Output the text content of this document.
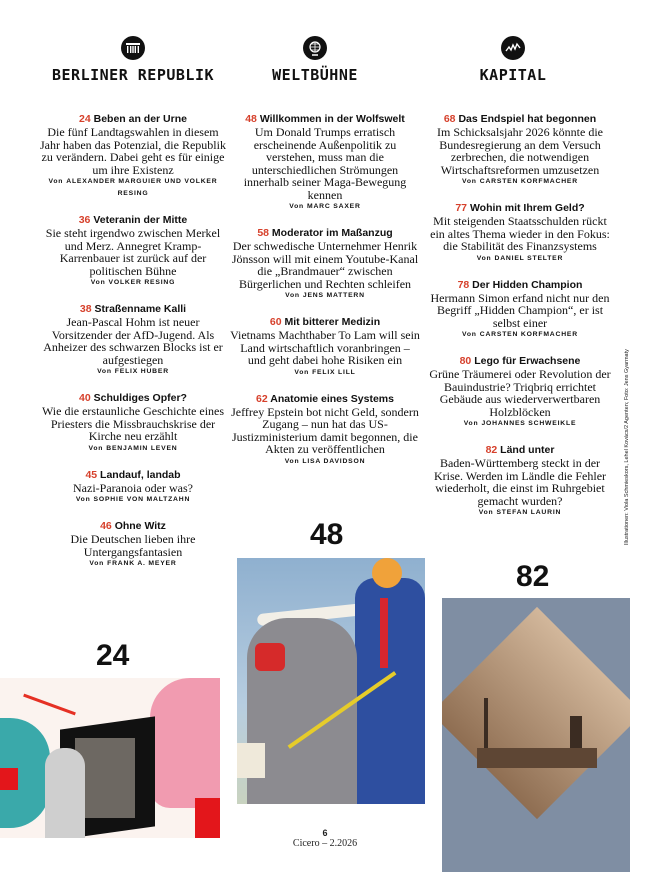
BERLINER REPUBLIK	WELTBÜHNE	KAPITAL
24 Beben an der Urne
Die fünf Landtagswahlen in diesem Jahr haben das Potenzial, die Republik zu verändern. Dabei geht es für einige um ihre Existenz
Von ALEXANDER MARGUIER UND VOLKER RESING
36 Veteranin der Mitte
Sie steht irgendwo zwischen Merkel und Merz. Annegret Kramp-Karrenbauer ist zurück auf der politischen Bühne
Von VOLKER RESING
38 Straßenname Kalli
Jean-Pascal Hohm ist neuer Vorsitzender der AfD-Jugend. Als Anheizer des schwarzen Blocks ist er aufgestiegen
Von FELIX HUBER
40 Schuldiges Opfer?
Wie die erstaunliche Geschichte eines Priesters die Missbrauchskrise der Kirche neu erzählt
Von BENJAMIN LEVEN
45 Landauf, landab
Nazi-Paranoia oder was?
Von SOPHIE VON MALTZAHN
46 Ohne Witz
Die Deutschen lieben ihre Untergangsfantasien
Von FRANK A. MEYER
48 Willkommen in der Wolfswelt
Um Donald Trumps erratisch erscheinende Außenpolitik zu verstehen, muss man die unterschiedlichen Strömungen innerhalb seiner Maga-Bewegung kennen
Von MARC SAXER
58 Moderator im Maßanzug
Der schwedische Unternehmer Henrik Jönsson will mit einem Youtube-Kanal die „Brandmauer“ zwischen Bürgerlichen und Rechten schleifen
Von JENS MATTERN
60 Mit bitterer Medizin
Vietnams Machthaber To Lam will sein Land wirtschaftlich voranbringen – und geht dabei hohe Risiken ein
Von FELIX LILL
62 Anatomie eines Systems
Jeffrey Epstein bot nicht Geld, sondern Zugang – nun hat das US-Justizministerium damit begonnen, die Akten zu veröffentlichen
Von LISA DAVIDSON
68 Das Endspiel hat begonnen
Im Schicksalsjahr 2026 könnte die Bundesregierung an dem Versuch zerbrechen, die notwendigen Wirtschaftsreformen umzusetzen
Von CARSTEN KORFMACHER
77 Wohin mit Ihrem Geld?
Mit steigenden Staatsschulden rückt ein altes Thema wieder in den Fokus: die Stabilität des Finanzsystems
Von DANIEL STELTER
78 Der Hidden Champion
Hermann Simon erfand nicht nur den Begriff „Hidden Champion“, er ist selbst einer
Von CARSTEN KORFMACHER
80 Lego für Erwachsene
Grüne Träumerei oder Revolution der Bauindustrie? Triqbriq errichtet Gebäude aus wiederverwertbaren Holzblöcken
Von JOHANNES SCHWEIKLE
82 Länd unter
Baden-Württemberg steckt in der Krise. Werden im Ländle die Fehler wiederholt, die einst im Ruhrgebiet gemacht wurden?
Von STEFAN LAURIN
24
48
82
Illustrationen: Viola Schmieskors, Lehel Kovács/2 Agenten; Foto: Jens Gyarmaty
6
Cicero – 2.2026
